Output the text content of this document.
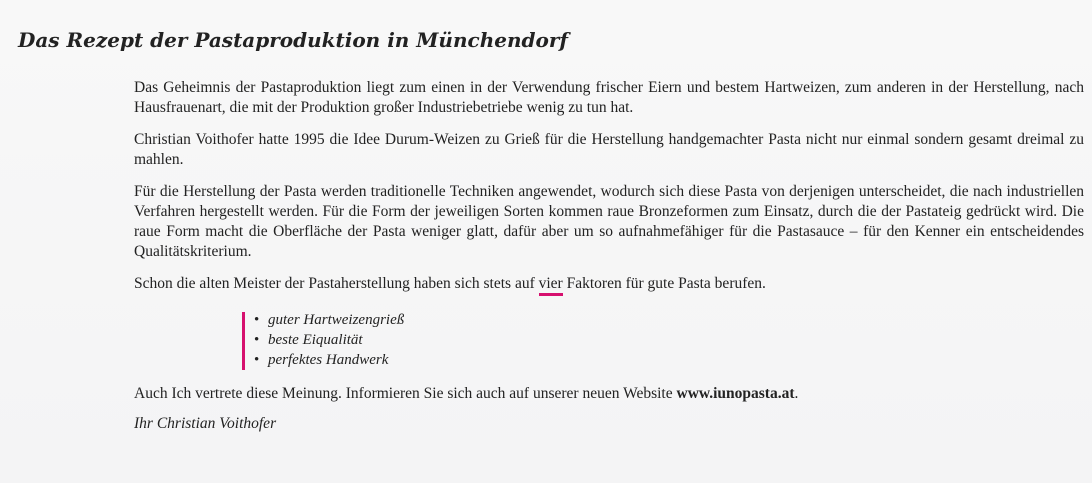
Das Rezept der Pastaproduktion in Münchendorf

Das Geheimnis der Pastaproduktion liegt zum einen in der Verwendung frischer Eiern und bestem Hartweizen, zum anderen in der Herstellung, nach Hausfrauenart, die mit der Produktion großer Industriebetriebe wenig zu tun hat.

Christian Voithofer hatte 1995 die Idee Durum-Weizen zu Grieß für die Herstellung handgemachter Pasta nicht nur einmal sondern gesamt dreimal zu mahlen.

Für die Herstellung der Pasta werden traditionelle Techniken angewendet, wodurch sich diese Pasta von derjenigen unterscheidet, die nach industriellen Verfahren hergestellt werden. Für die Form der jeweiligen Sorten kommen raue Bronzeformen zum Einsatz, durch die der Pastateig gedrückt wird. Die raue Form macht die Oberfläche der Pasta weniger glatt, dafür aber um so aufnahmefähiger für die Pastasauce – für den Kenner ein entscheidendes Qualitätskriterium.

Schon die alten Meister der Pastaherstellung haben sich stets auf vier Faktoren für gute Pasta berufen.

• guter Hartweizengrieß
• beste Eiqualität
• perfektes Handwerk

Auch Ich vertrete diese Meinung. Informieren Sie sich auch auf unserer neuen Website www.iunopasta.at.

Ihr Christian Voithofer
